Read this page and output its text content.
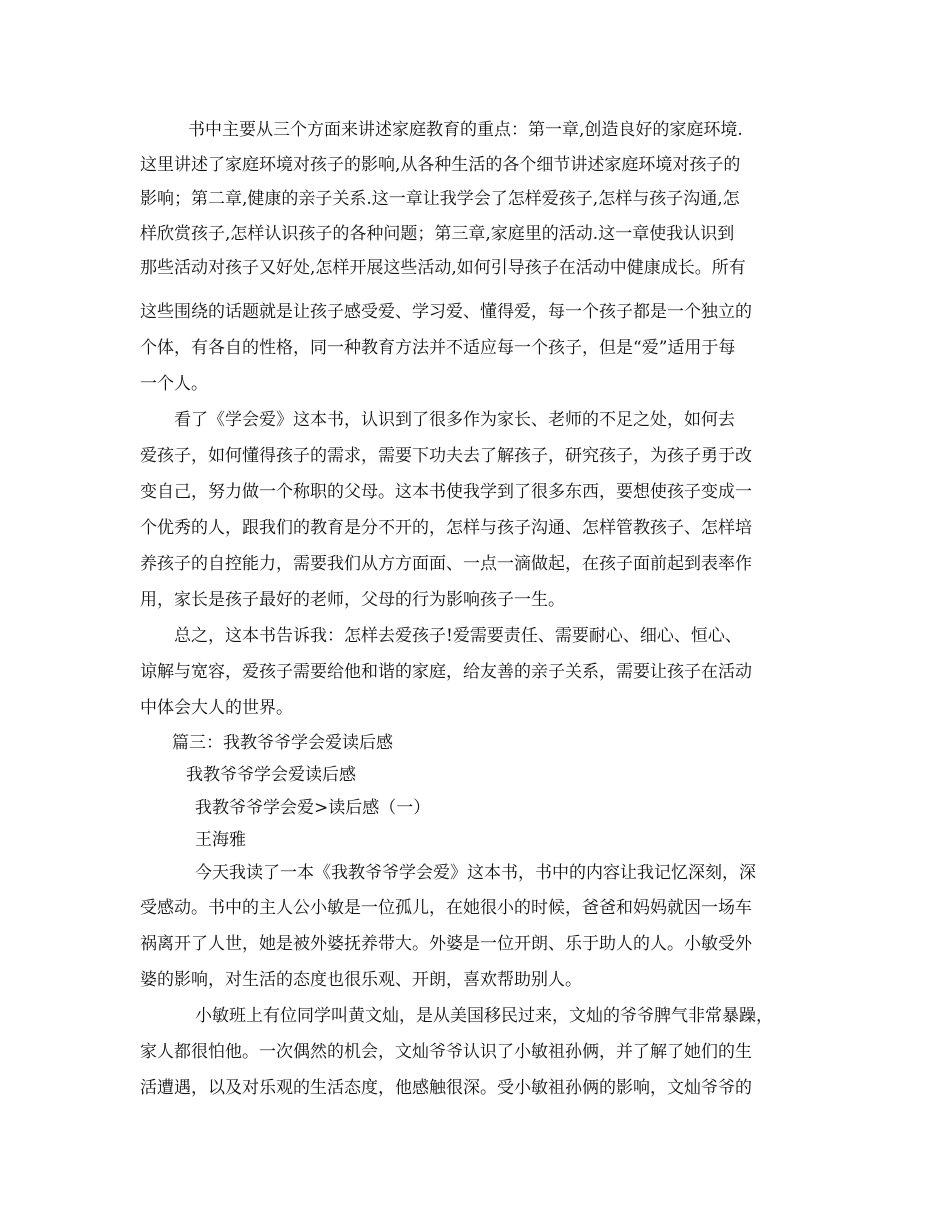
书中主要从三个方面来讲述家庭教育的重点：第一章,创造良好的家庭环境.
这里讲述了家庭环境对孩子的影响,从各种生活的各个细节讲述家庭环境对孩子的
影响；第二章,健康的亲子关系.这一章让我学会了怎样爱孩子,怎样与孩子沟通,怎
样欣赏孩子,怎样认识孩子的各种问题；第三章,家庭里的活动.这一章使我认识到
那些活动对孩子又好处,怎样开展这些活动,如何引导孩子在活动中健康成长。所有
这些围绕的话题就是让孩子感受爱、学习爱、懂得爱，每一个孩子都是一个独立的
个体，有各自的性格，同一种教育方法并不适应每一个孩子，但是“爱”适用于每
一个人。
看了《学会爱》这本书，认识到了很多作为家长、老师的不足之处，如何去
爱孩子，如何懂得孩子的需求，需要下功夫去了解孩子，研究孩子，为孩子勇于改
变自己，努力做一个称职的父母。这本书使我学到了很多东西，要想使孩子变成一
个优秀的人，跟我们的教育是分不开的，怎样与孩子沟通、怎样管教孩子、怎样培
养孩子的自控能力，需要我们从方方面面、一点一滴做起，在孩子面前起到表率作
用，家长是孩子最好的老师，父母的行为影响孩子一生。
总之，这本书告诉我：怎样去爱孩子!爱需要责任、需要耐心、细心、恒心、
谅解与宽容，爱孩子需要给他和谐的家庭，给友善的亲子关系，需要让孩子在活动
中体会大人的世界。
篇三：我教爷爷学会爱读后感
我教爷爷学会爱读后感
我教爷爷学会爱>读后感（一）
王海雅
今天我读了一本《我教爷爷学会爱》这本书，书中的内容让我记忆深刻，深
受感动。书中的主人公小敏是一位孤儿，在她很小的时候，爸爸和妈妈就因一场车
祸离开了人世，她是被外婆抚养带大。外婆是一位开朗、乐于助人的人。小敏受外
婆的影响，对生活的态度也很乐观、开朗，喜欢帮助别人。
小敏班上有位同学叫黄文灿，是从美国移民过来，文灿的爷爷脾气非常暴躁，
家人都很怕他。一次偶然的机会，文灿爷爷认识了小敏祖孙俩，并了解了她们的生
活遭遇，以及对乐观的生活态度，他感触很深。受小敏祖孙俩的影响，文灿爷爷的
